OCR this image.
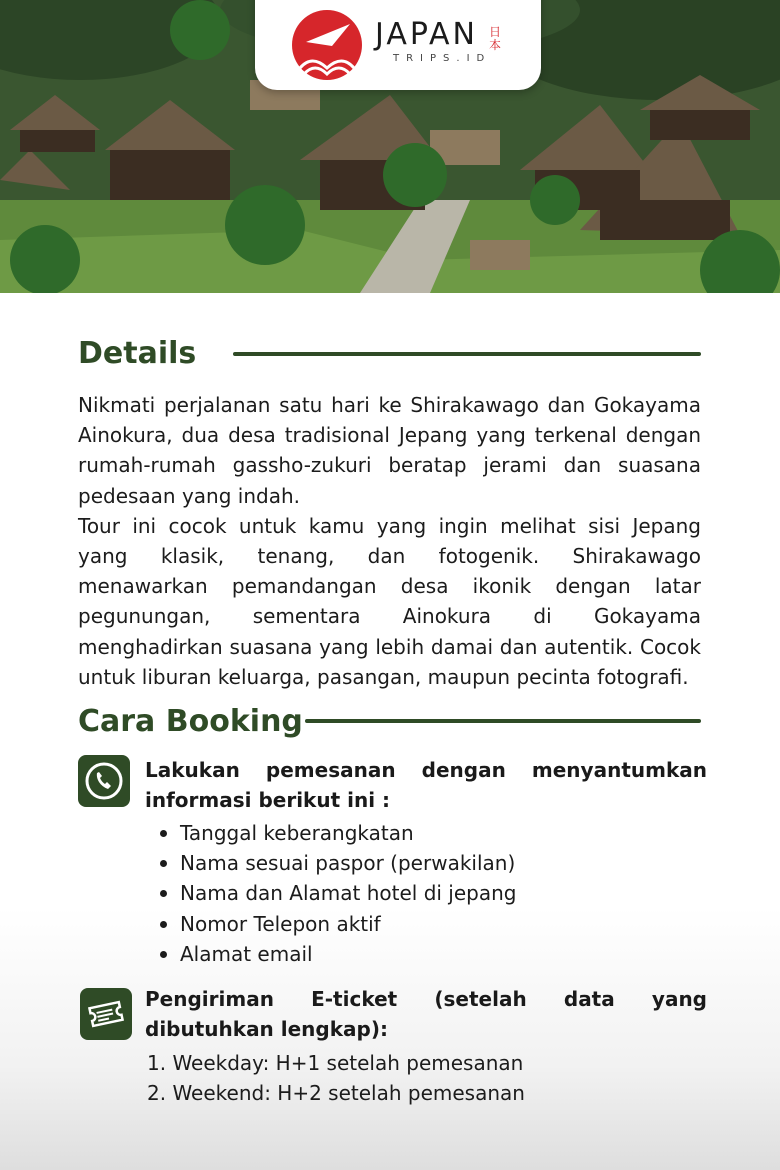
JAPAN 日本
TRIPS.ID
Details

Nikmati perjalanan satu hari ke Shirakawago dan Gokayama Ainokura, dua desa tradisional Jepang yang terkenal dengan rumah-rumah gassho-zukuri beratap jerami dan suasana pedesaan yang indah.

Tour ini cocok untuk kamu yang ingin melihat sisi Jepang yang klasik, tenang, dan fotogenik. Shirakawago menawarkan pemandangan desa ikonik dengan latar pegunungan, sementara Ainokura di Gokayama menghadirkan suasana yang lebih damai dan autentik. Cocok untuk liburan keluarga, pasangan, maupun pecinta fotografi.

Cara Booking
Lakukan pemesanan dengan menyantumkan informasi berikut ini :
Tanggal keberangkatan
Nama sesuai paspor (perwakilan)
Nama dan Alamat hotel di jepang
Nomor Telepon aktif
Alamat email
Pengiriman E-ticket (setelah data yang dibutuhkan lengkap):
1. Weekday: H+1 setelah pemesanan
2. Weekend: H+2 setelah pemesanan
